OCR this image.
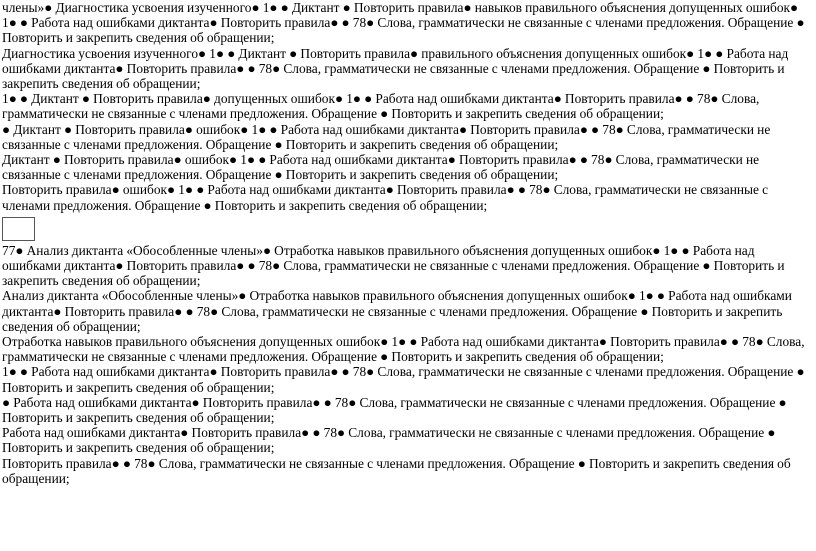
члены»● Диагностика усвоения изученного● 1● ● Диктант ● Повторить правила● навыков правильного объяснения допущенных ошибок● 1● ● Работа над ошибками диктанта● Повторить правила● ● 78● Слова, грамматически не связанные с членами предложения. Обращение ● Повторить и закрепить сведения об обращении;

Диагностика усвоения изученного● 1● ● Диктант ● Повторить правила● правильного объяснения допущенных ошибок● 1● ● Работа над ошибками диктанта● Повторить правила● ● 78● Слова, грамматически не связанные с членами предложения. Обращение ● Повторить и закрепить сведения об обращении;

1● ● Диктант ● Повторить правила● допущенных ошибок● 1● ● Работа над ошибками диктанта● Повторить правила● ● 78● Слова, грамматически не связанные с членами предложения. Обращение ● Повторить и закрепить сведения об обращении;

● Диктант ● Повторить правила● ошибок● 1● ● Работа над ошибками диктанта● Повторить правила● ● 78● Слова, грамматически не связанные с членами предложения. Обращение ● Повторить и закрепить сведения об обращении;

Диктант ● Повторить правила● ошибок● 1● ● Работа над ошибками диктанта● Повторить правила● ● 78● Слова, грамматически не связанные с членами предложения. Обращение ● Повторить и закрепить сведения об обращении;

Повторить правила● ошибок● 1● ● Работа над ошибками диктанта● Повторить правила● ● 78● Слова, грамматически не связанные с членами предложения. Обращение ● Повторить и закрепить сведения об обращении;

77● Анализ диктанта «Обособленные члены»● Отработка навыков правильного объяснения допущенных ошибок● 1● ● Работа над ошибками диктанта● Повторить правила● ● 78● Слова, грамматически не связанные с членами предложения. Обращение ● Повторить и закрепить сведения об обращении;

Анализ диктанта «Обособленные члены»● Отработка навыков правильного объяснения допущенных ошибок● 1● ● Работа над ошибками диктанта● Повторить правила● ● 78● Слова, грамматически не связанные с членами предложения. Обращение ● Повторить и закрепить сведения об обращении;

Отработка навыков правильного объяснения допущенных ошибок● 1● ● Работа над ошибками диктанта● Повторить правила● ● 78● Слова, грамматически не связанные с членами предложения. Обращение ● Повторить и закрепить сведения об обращении;

1● ● Работа над ошибками диктанта● Повторить правила● ● 78● Слова, грамматически не связанные с членами предложения. Обращение ● Повторить и закрепить сведения об обращении;

● Работа над ошибками диктанта● Повторить правила● ● 78● Слова, грамматически не связанные с членами предложения. Обращение ● Повторить и закрепить сведения об обращении;

Работа над ошибками диктанта● Повторить правила● ● 78● Слова, грамматически не связанные с членами предложения. Обращение ● Повторить и закрепить сведения об обращении;

Повторить правила● ● 78● Слова, грамматически не связанные с членами предложения. Обращение ● Повторить и закрепить сведения об обращении;
